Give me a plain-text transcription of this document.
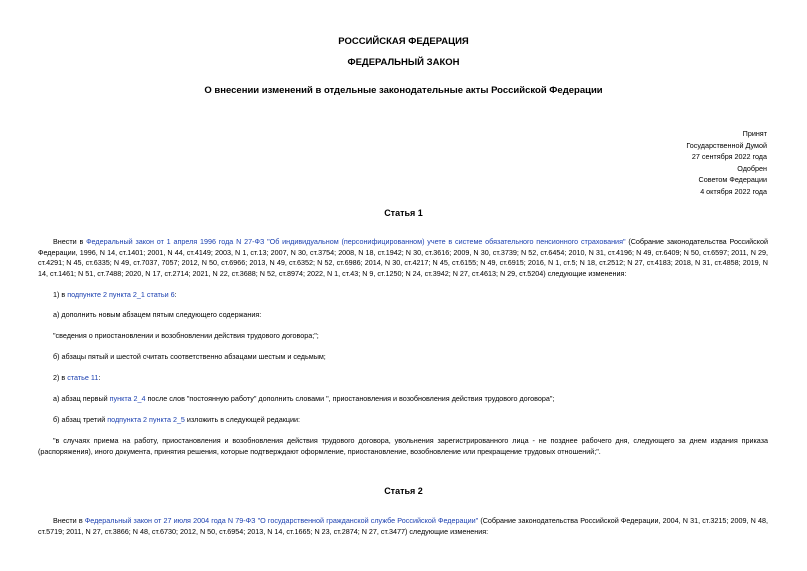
РОССИЙСКАЯ ФЕДЕРАЦИЯ
ФЕДЕРАЛЬНЫЙ ЗАКОН
О внесении изменений в отдельные законодательные акты Российской Федерации
Принят
Государственной Думой
27 сентября 2022 года
Одобрен
Советом Федерации
4 октября 2022 года
Статья 1
Внести в Федеральный закон от 1 апреля 1996 года N 27-ФЗ "Об индивидуальном (персонифицированном) учете в системе обязательного пенсионного страхования" (Собрание законодательства Российской Федерации, 1996, N 14, ст.1401; 2001, N 44, ст.4149; 2003, N 1, ст.13; 2007, N 30, ст.3754; 2008, N 18, ст.1942; N 30, ст.3616; 2009, N 30, ст.3739; N 52, ст.6454; 2010, N 31, ст.4196; N 49, ст.6409; N 50, ст.6597; 2011, N 29, ст.4291; N 45, ст.6335; N 49, ст.7037, 7057; 2012, N 50, ст.6966; 2013, N 49, ст.6352; N 52, ст.6986; 2014, N 30, ст.4217; N 45, ст.6155; N 49, ст.6915; 2016, N 1, ст.5; N 18, ст.2512; N 27, ст.4183; 2018, N 31, ст.4858; 2019, N 14, ст.1461; N 51, ст.7488; 2020, N 17, ст.2714; 2021, N 22, ст.3688; N 52, ст.8974; 2022, N 1, ст.43; N 9, ст.1250; N 24, ст.3942; N 27, ст.4613; N 29, ст.5204) следующие изменения:
1) в подпункте 2 пункта 2_1 статьи 6:
а) дополнить новым абзацем пятым следующего содержания:
"сведения о приостановлении и возобновлении действия трудового договора;";
б) абзацы пятый и шестой считать соответственно абзацами шестым и седьмым;
2) в статье 11:
а) абзац первый пункта 2_4 после слов "постоянную работу" дополнить словами ", приостановления и возобновления действия трудового договора";
б) абзац третий подпункта 2 пункта 2_5 изложить в следующей редакции:
"в случаях приема на работу, приостановления и возобновления действия трудового договора, увольнения зарегистрированного лица - не позднее рабочего дня, следующего за днем издания приказа (распоряжения), иного документа, принятия решения, которые подтверждают оформление, приостановление, возобновление или прекращение трудовых отношений;".
Статья 2
Внести в Федеральный закон от 27 июля 2004 года N 79-ФЗ "О государственной гражданской службе Российской Федерации" (Собрание законодательства Российской Федерации, 2004, N 31, ст.3215; 2009, N 48, ст.5719; 2011, N 27, ст.3866; N 48, ст.6730; 2012, N 50, ст.6954; 2013, N 14, ст.1665; N 23, ст.2874; N 27, ст.3477) следующие изменения:
